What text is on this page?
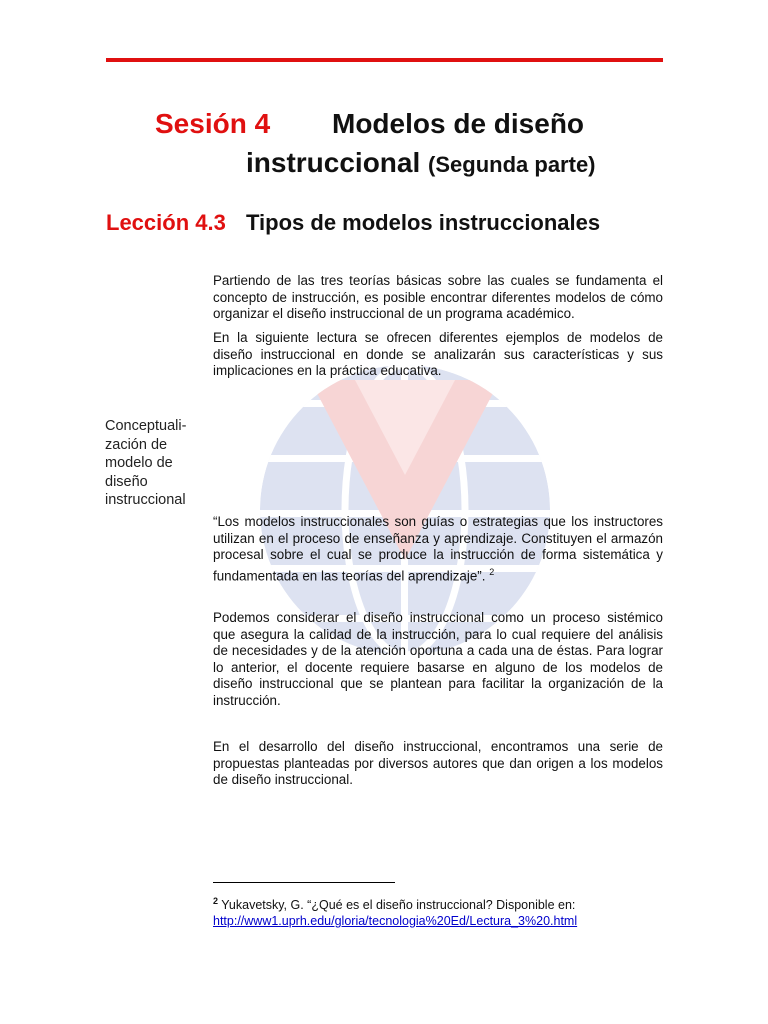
Sesión 4 Modelos de diseño
instruccional (Segunda parte)
Lección 4.3 Tipos de modelos instruccionales

Partiendo de las tres teorías básicas sobre las cuales se fundamenta el concepto de instrucción, es posible encontrar diferentes modelos de cómo organizar el diseño instruccional de un programa académico.

En la siguiente lectura se ofrecen diferentes ejemplos de modelos de diseño instruccional en donde se analizarán sus características y sus implicaciones en la práctica educativa.

Conceptuali-
zación de
modelo de
diseño
instruccional

“Los modelos instruccionales son guías o estrategias que los instructores utilizan en el proceso de enseñanza y aprendizaje. Constituyen el armazón procesal sobre el cual se produce la instrucción de forma sistemática y fundamentada en las teorías del aprendizaje”. $^2$

Podemos considerar el diseño instruccional como un proceso sistémico que asegura la calidad de la instrucción, para lo cual requiere del análisis de necesidades y de la atención oportuna a cada una de éstas. Para lograr lo anterior, el docente requiere basarse en alguno de los modelos de diseño instruccional que se plantean para facilitar la organización de la instrucción.

En el desarrollo del diseño instruccional, encontramos una serie de propuestas planteadas por diversos autores que dan origen a los modelos de diseño instruccional.

$^2$ Yukavetsky, G. “¿Qué es el diseño instruccional? Disponible en:
http://www1.uprh.edu/gloria/tecnologia%20Ed/Lectura_3%20.html
